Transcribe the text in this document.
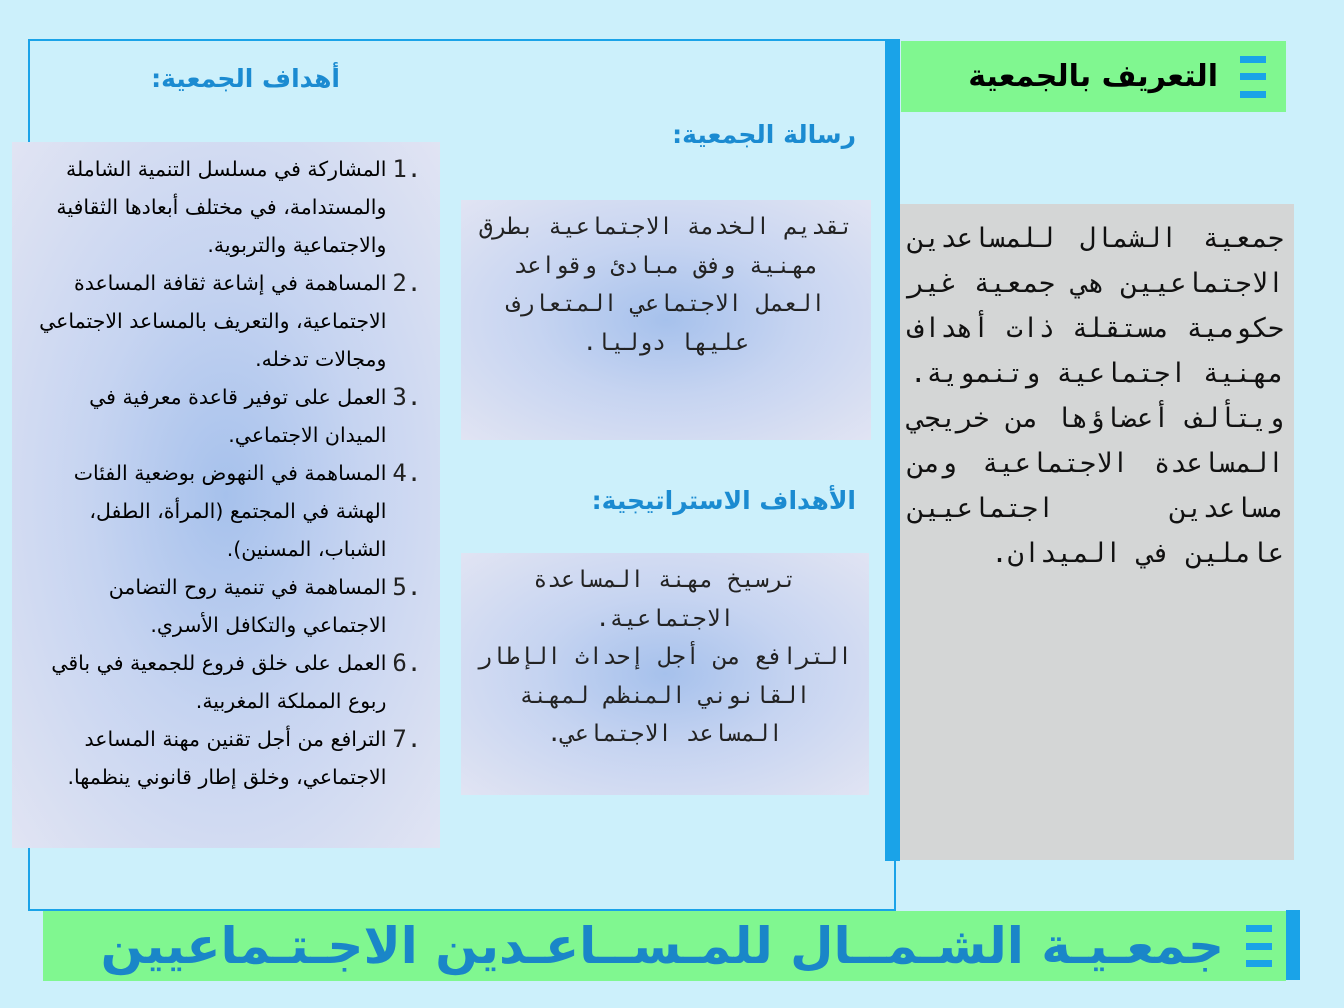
التعريف بالجمعية

جمعية الشمال للمساعدين الاجتماعيين هي جمعية غير حكومية مستقلة ذات أهداف مهنية اجتماعية وتنموية.

ويتألف أعضاؤها من خريجي المساعدة الاجتماعية ومن مساعدين اجتماعيين عاملين في الميدان.

أهداف الجمعية:
رسالة الجمعية:
الأهداف الاستراتيجية:

تقديم الخدمة الاجتماعية بطرق مهنية وفق مبادئ وقواعد العمل الاجتماعي المتعارف عليها دوليا.

ترسيخ مهنة المساعدة الاجتماعية.

الترافع من أجل إحداث الإطار القانوني المنظم لمهنة المساعد الاجتماعي.

المشاركة في مسلسل التنمية الشاملة والمستدامة، في مختلف أبعادها الثقافية والاجتماعية والتربوية.
1.
المساهمة في إشاعة ثقافة المساعدة الاجتماعية، والتعريف بالمساعد الاجتماعي ومجالات تدخله.
2.
العمل على توفير قاعدة معرفية في الميدان الاجتماعي.
3.
المساهمة في النهوض بوضعية الفئات الهشة في المجتمع (المرأة، الطفل، الشباب، المسنين).
4.
المساهمة في تنمية روح التضامن الاجتماعي والتكافل الأسري.
5.
العمل على خلق فروع للجمعية في باقي ربوع المملكة المغربية.
6.
الترافع من أجل تقنين مهنة المساعد الاجتماعي، وخلق إطار قانوني ينظمها.
7.
جمعـيـة الشـمــال للمـســاعـدين الاجـتـماعيين
